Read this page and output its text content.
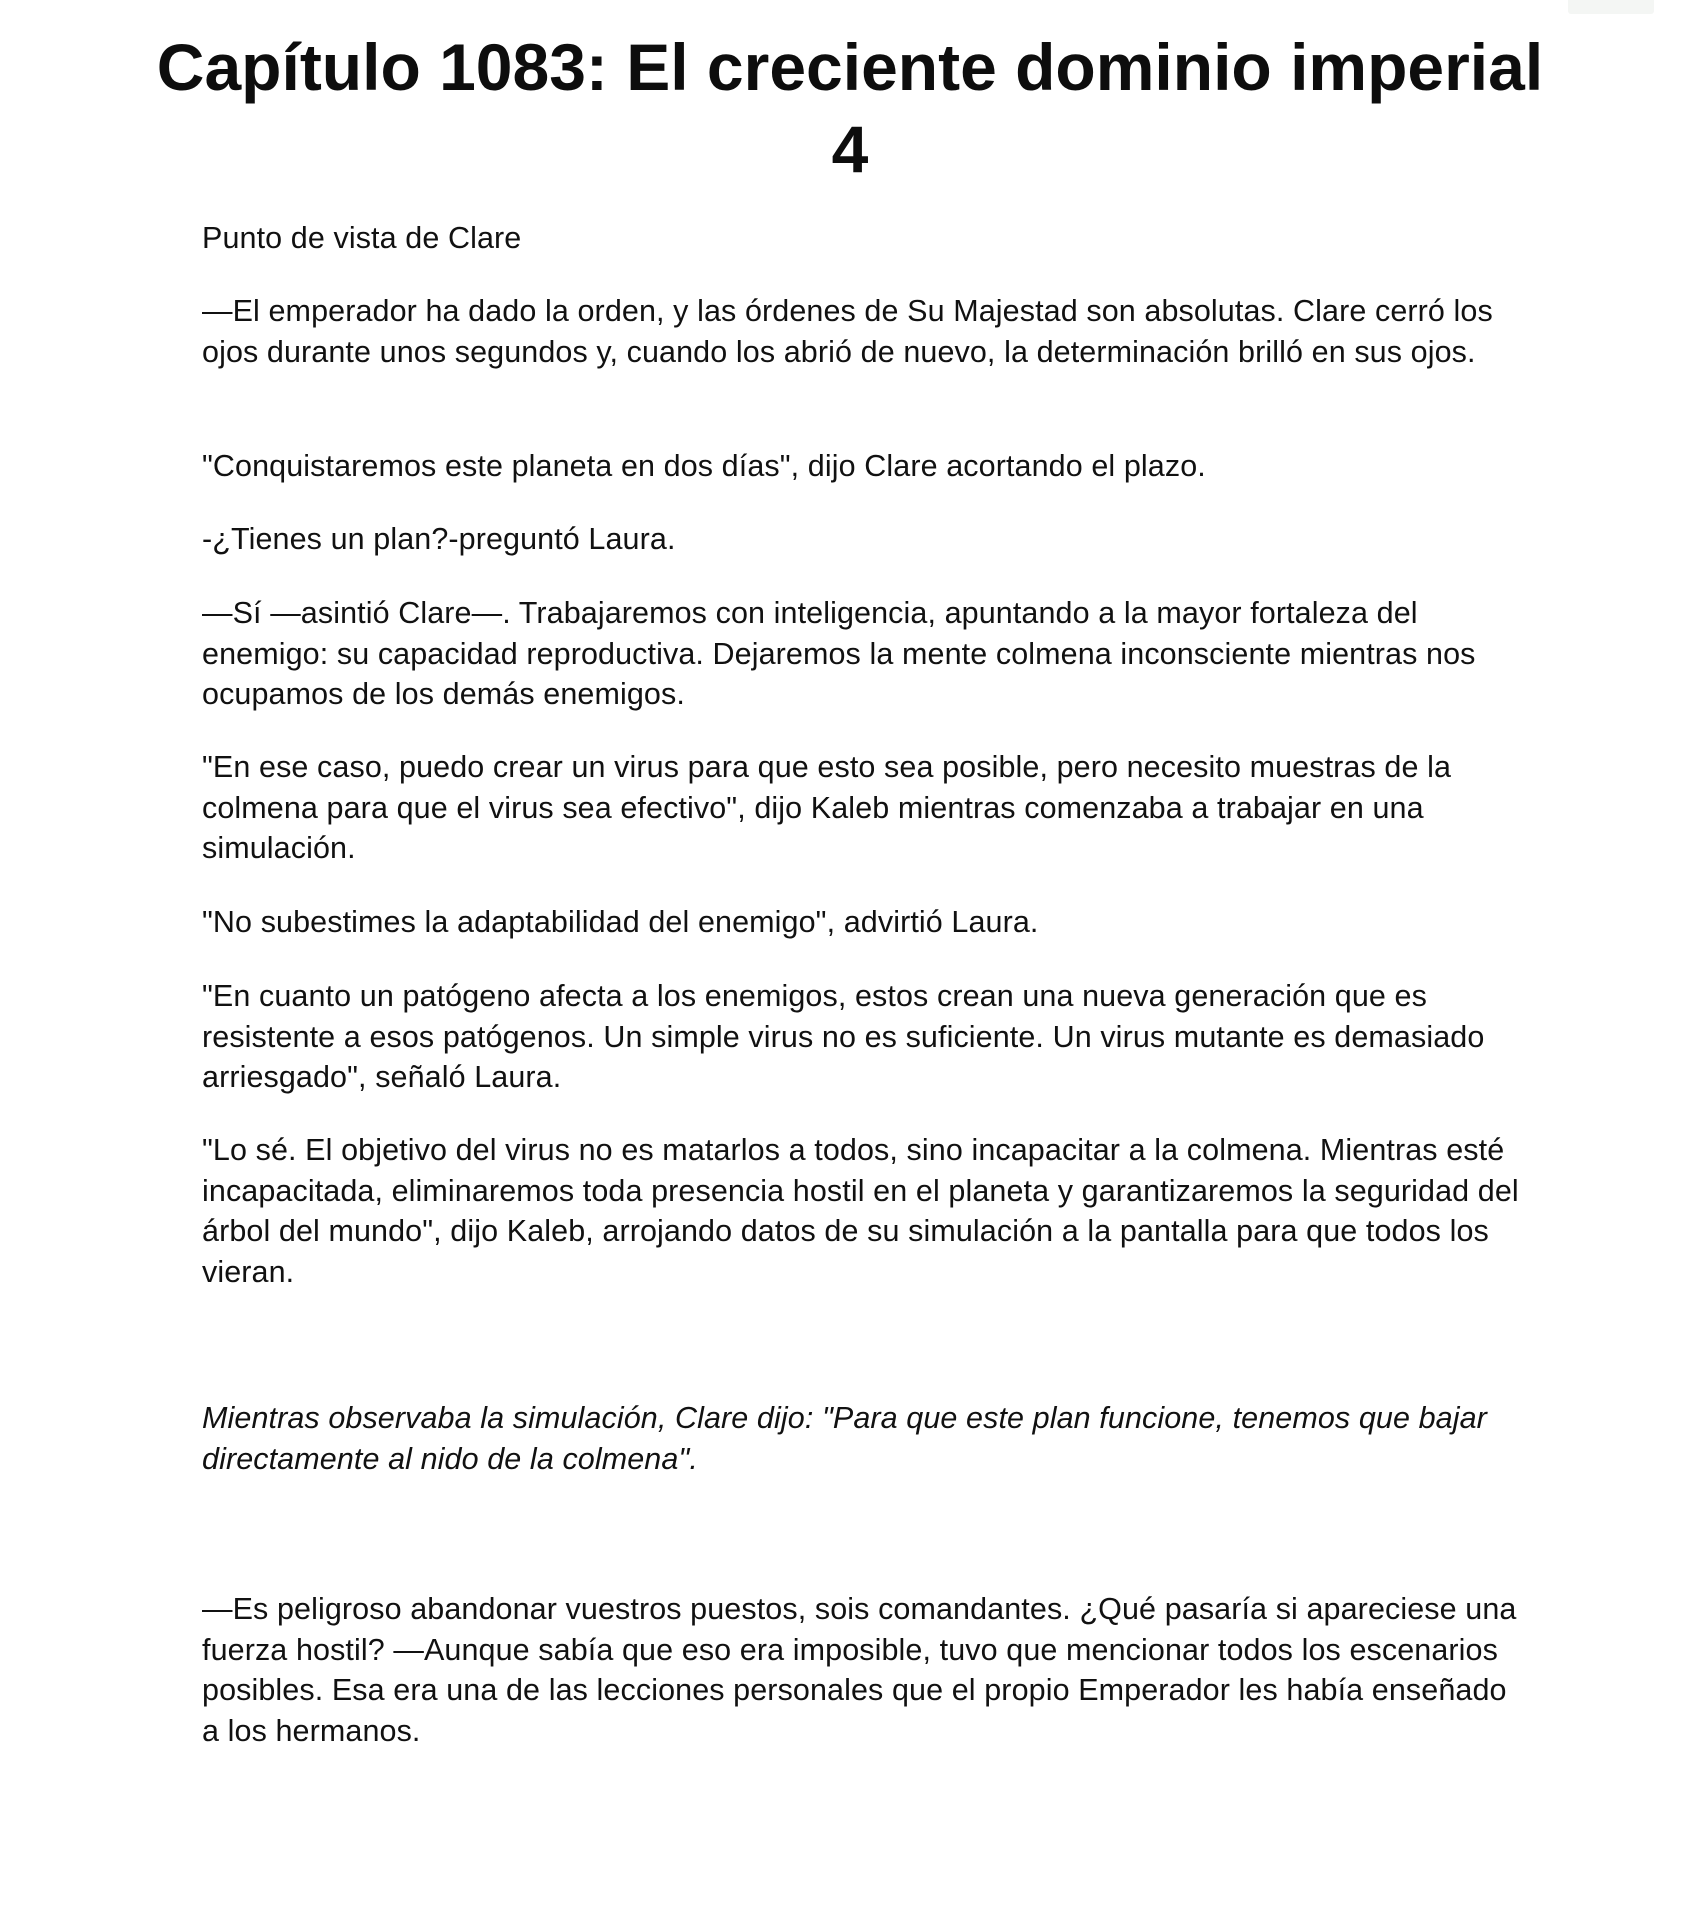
Capítulo 1083: El creciente dominio imperial 4

Punto de vista de Clare

—El emperador ha dado la orden, y las órdenes de Su Majestad son absolutas. Clare cerró los ojos durante unos segundos y, cuando los abrió de nuevo, la determinación brilló en sus ojos.

"Conquistaremos este planeta en dos días", dijo Clare acortando el plazo.

-¿Tienes un plan?-preguntó Laura.

—Sí —asintió Clare—. Trabajaremos con inteligencia, apuntando a la mayor fortaleza del enemigo: su capacidad reproductiva. Dejaremos la mente colmena inconsciente mientras nos ocupamos de los demás enemigos.

"En ese caso, puedo crear un virus para que esto sea posible, pero necesito muestras de la colmena para que el virus sea efectivo", dijo Kaleb mientras comenzaba a trabajar en una simulación.

"No subestimes la adaptabilidad del enemigo", advirtió Laura.

"En cuanto un patógeno afecta a los enemigos, estos crean una nueva generación que es resistente a esos patógenos. Un simple virus no es suficiente. Un virus mutante es demasiado arriesgado", señaló Laura.

"Lo sé. El objetivo del virus no es matarlos a todos, sino incapacitar a la colmena. Mientras esté incapacitada, eliminaremos toda presencia hostil en el planeta y garantizaremos la seguridad del árbol del mundo", dijo Kaleb, arrojando datos de su simulación a la pantalla para que todos los vieran.

Mientras observaba la simulación, Clare dijo: "Para que este plan funcione, tenemos que bajar directamente al nido de la colmena".

—Es peligroso abandonar vuestros puestos, sois comandantes. ¿Qué pasaría si apareciese una fuerza hostil? —Aunque sabía que eso era imposible, tuvo que mencionar todos los escenarios posibles. Esa era una de las lecciones personales que el propio Emperador les había enseñado a los hermanos.
